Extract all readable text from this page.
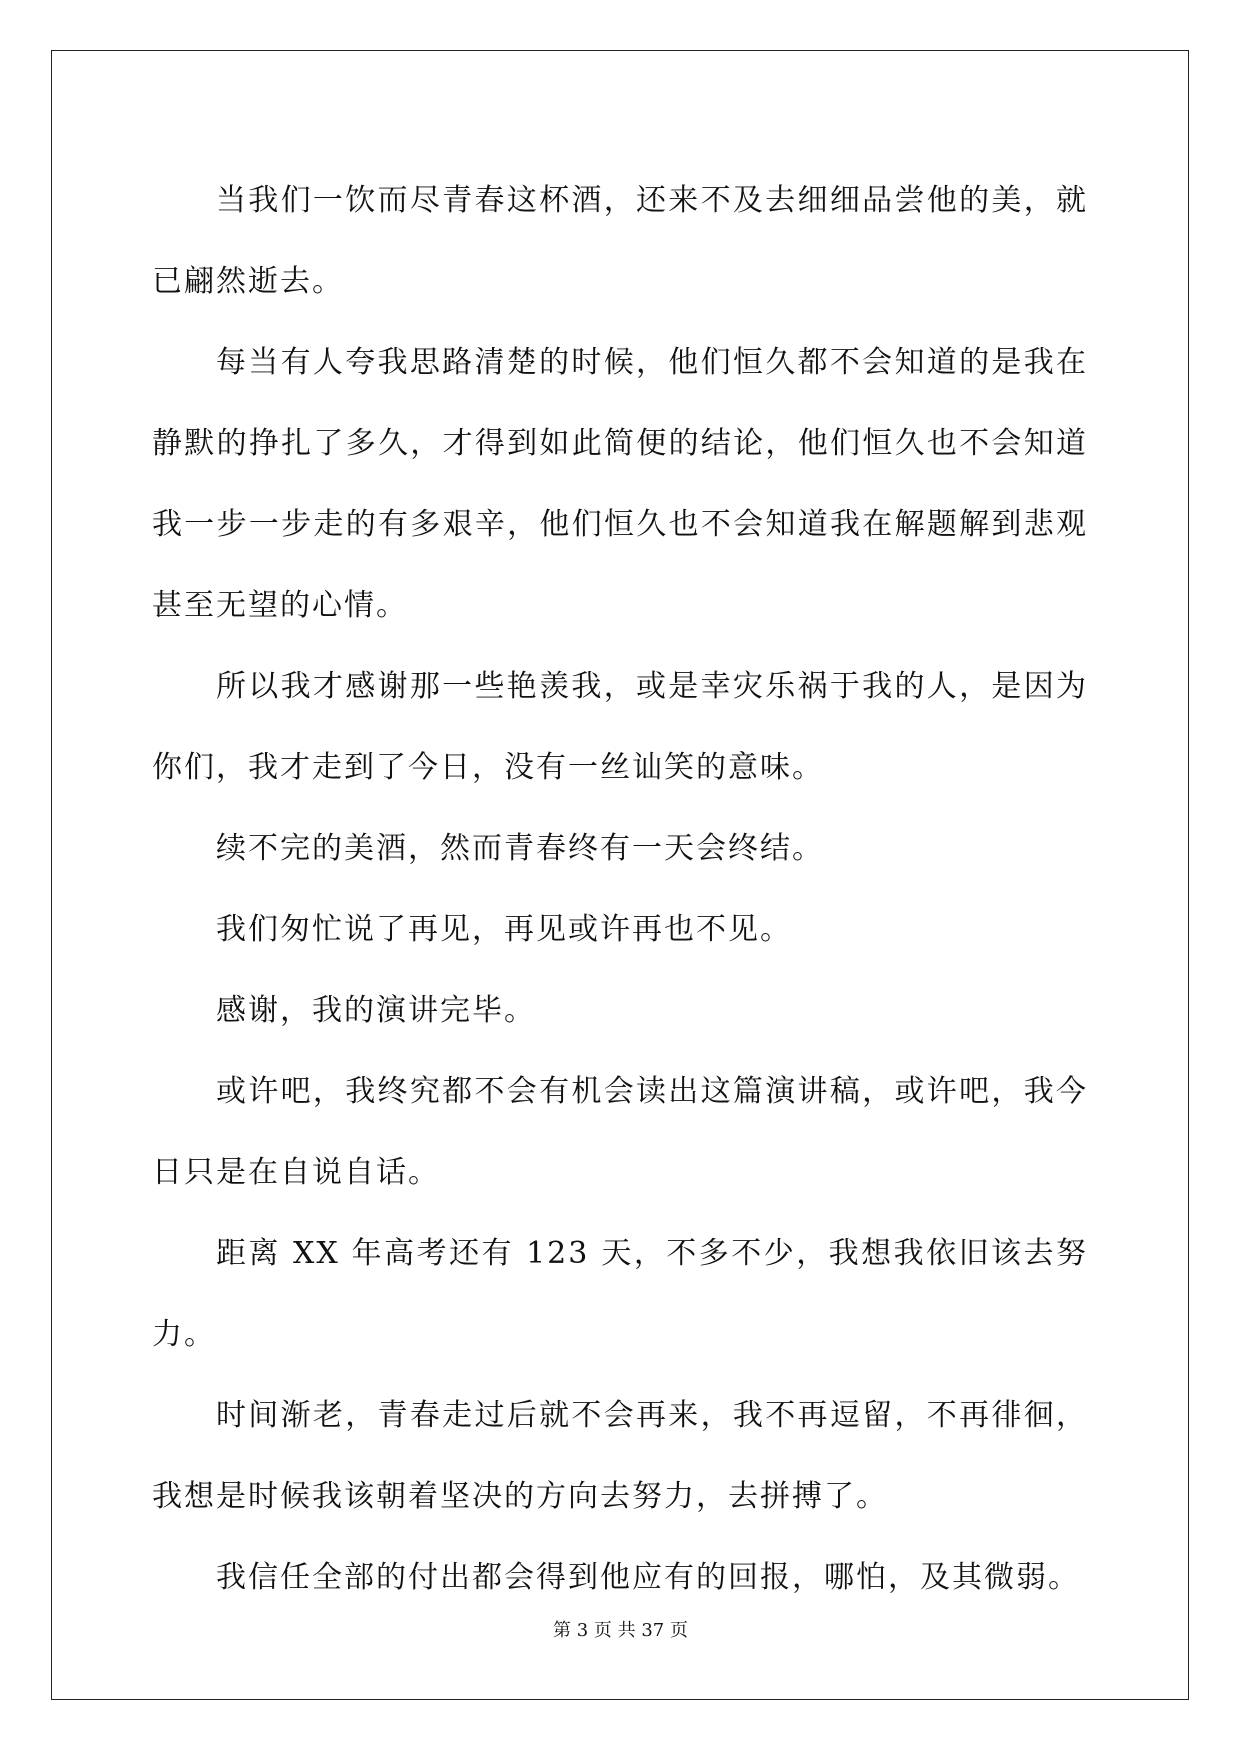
当我们一饮而尽青春这杯酒，还来不及去细细品尝他的美，就已翩然逝去。

每当有人夸我思路清楚的时候，他们恒久都不会知道的是我在静默的挣扎了多久，才得到如此简便的结论，他们恒久也不会知道我一步一步走的有多艰辛，他们恒久也不会知道我在解题解到悲观甚至无望的心情。

所以我才感谢那一些艳羡我，或是幸灾乐祸于我的人，是因为你们，我才走到了今日，没有一丝讪笑的意味。

续不完的美酒，然而青春终有一天会终结。

我们匆忙说了再见，再见或许再也不见。

感谢，我的演讲完毕。

或许吧，我终究都不会有机会读出这篇演讲稿，或许吧，我今日只是在自说自话。

距离 XX 年高考还有 123 天，不多不少，我想我依旧该去努力。

时间渐老，青春走过后就不会再来，我不再逗留，不再徘徊，我想是时候我该朝着坚决的方向去努力，去拼搏了。

我信任全部的付出都会得到他应有的回报，哪怕，及其微弱。

第 3 页 共 37 页
